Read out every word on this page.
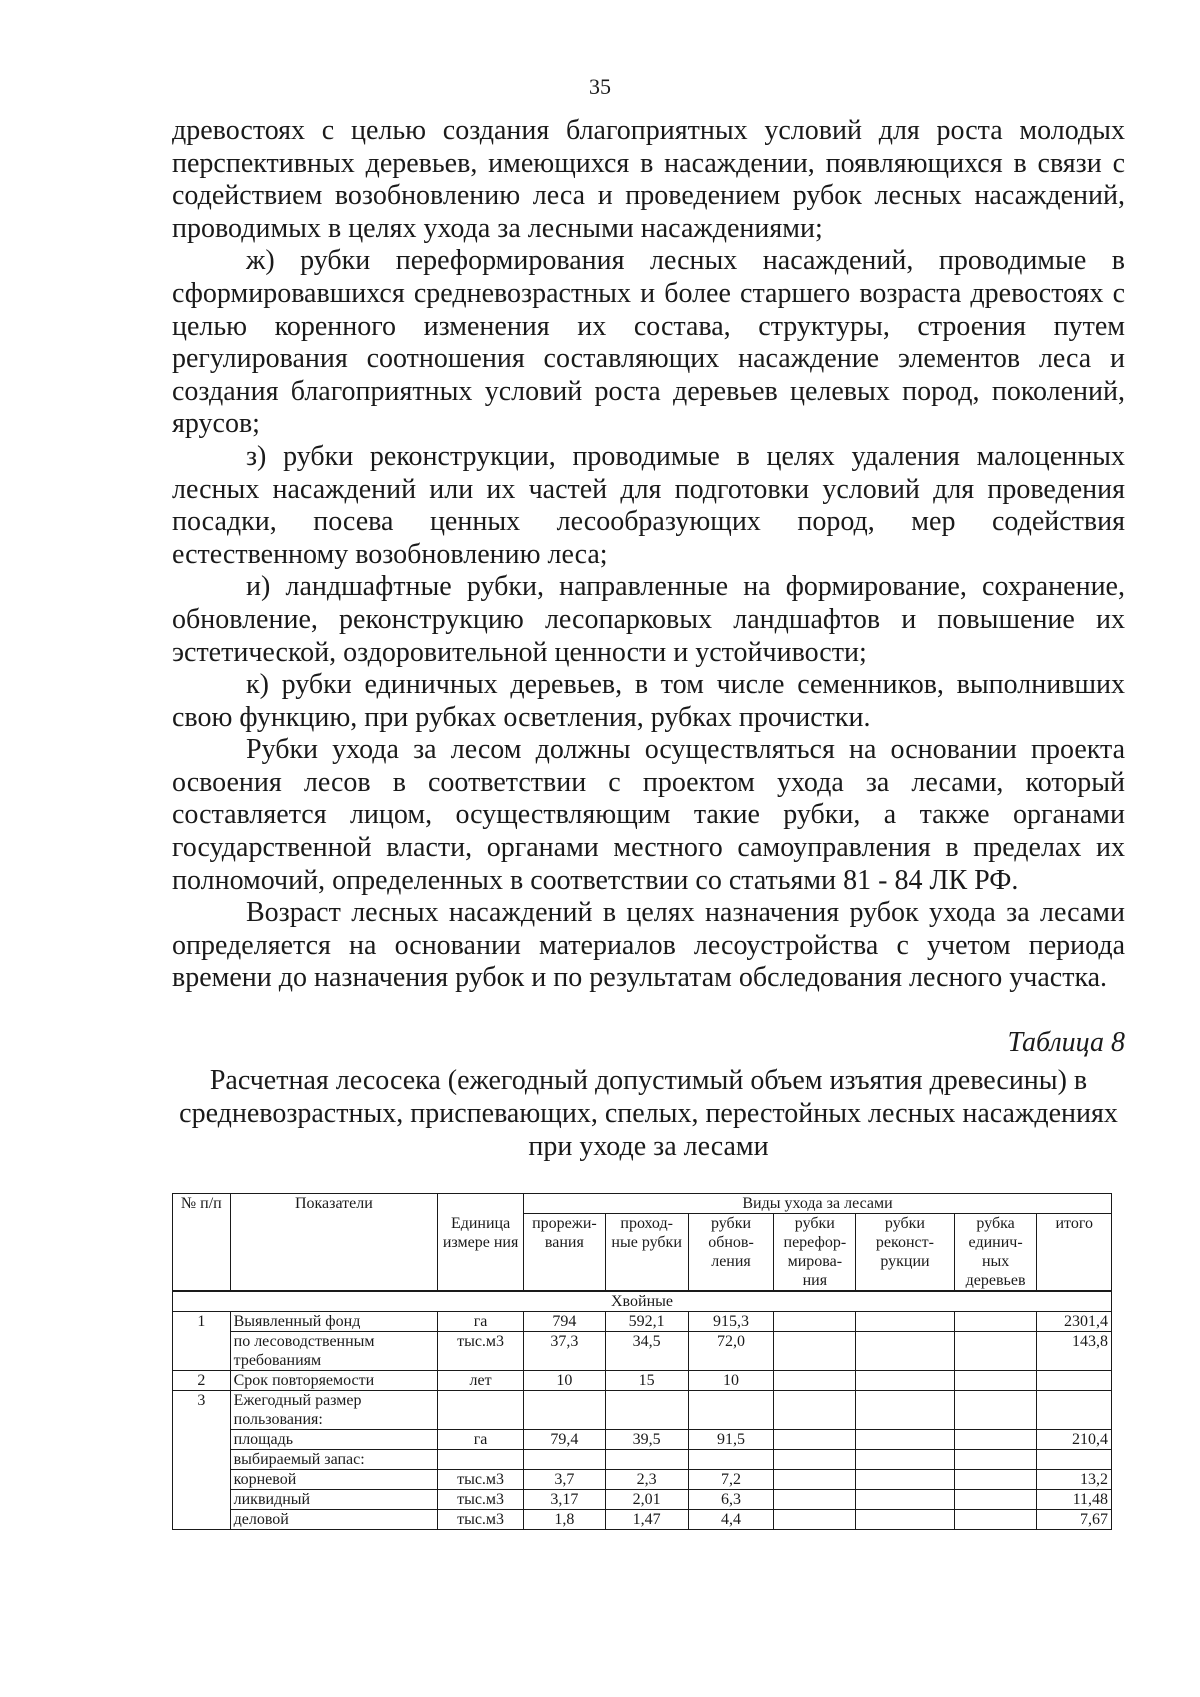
35

древостоях с целью создания благоприятных условий для роста молодых перспективных деревьев, имеющихся в насаждении, появляющихся в связи с содействием возобновлению леса и проведением рубок лесных насаждений, проводимых в целях ухода за лесными насаждениями;

ж) рубки переформирования лесных насаждений, проводимые в сформировавшихся средневозрастных и более старшего возраста древостоях с целью коренного изменения их состава, структуры, строения путем регулирования соотношения составляющих насаждение элементов леса и создания благоприятных условий роста деревьев целевых пород, поколений, ярусов;

з) рубки реконструкции, проводимые в целях удаления малоценных лесных насаждений или их частей для подготовки условий для проведения посадки, посева ценных лесообразующих пород, мер содействия естественному возобновлению леса;

и) ландшафтные рубки, направленные на формирование, сохранение, обновление, реконструкцию лесопарковых ландшафтов и повышение их эстетической, оздоровительной ценности и устойчивости;

к) рубки единичных деревьев, в том числе семенников, выполнивших свою функцию, при рубках осветления, рубках прочистки.

Рубки ухода за лесом должны осуществляться на основании проекта освоения лесов в соответствии с проектом ухода за лесами, который составляется лицом, осуществляющим такие рубки, а также органами государственной власти, органами местного самоуправления в пределах их полномочий, определенных в соответствии со статьями 81 - 84 ЛК РФ.

Возраст лесных насаждений в целях назначения рубок ухода за лесами определяется на основании материалов лесоустройства с учетом периода времени до назначения рубок и по результатам обследования лесного участка.

Таблица 8
Расчетная лесосека (ежегодный допустимый объем изъятия древесины) в средневозрастных, приспевающих, спелых, перестойных лесных насаждениях при уходе за лесами
№ п/п	Показатели		Виды ухода за лесами						
		Единица измере ния	прорежи-вания	проход-ные рубки	рубки обнов-ления	рубки перефор-мирова-ния	рубки реконст-рукции	рубка единич-ных деревьев	итого

Хвойные									
1	Выявленный фонд	га	794	592,1	915,3				2301,4
	по лесоводственным требованиям	тыс.м3	37,3	34,5	72,0				143,8
2	Срок повторяемости	лет	10	15	10				
3	Ежегодный размер пользования:								
	площадь	га	79,4	39,5	91,5				210,4
	выбираемый запас:								
	корневой	тыс.м3	3,7	2,3	7,2				13,2
	ликвидный	тыс.м3	3,17	2,01	6,3				11,48
	деловой	тыс.м3	1,8	1,47	4,4				7,67
